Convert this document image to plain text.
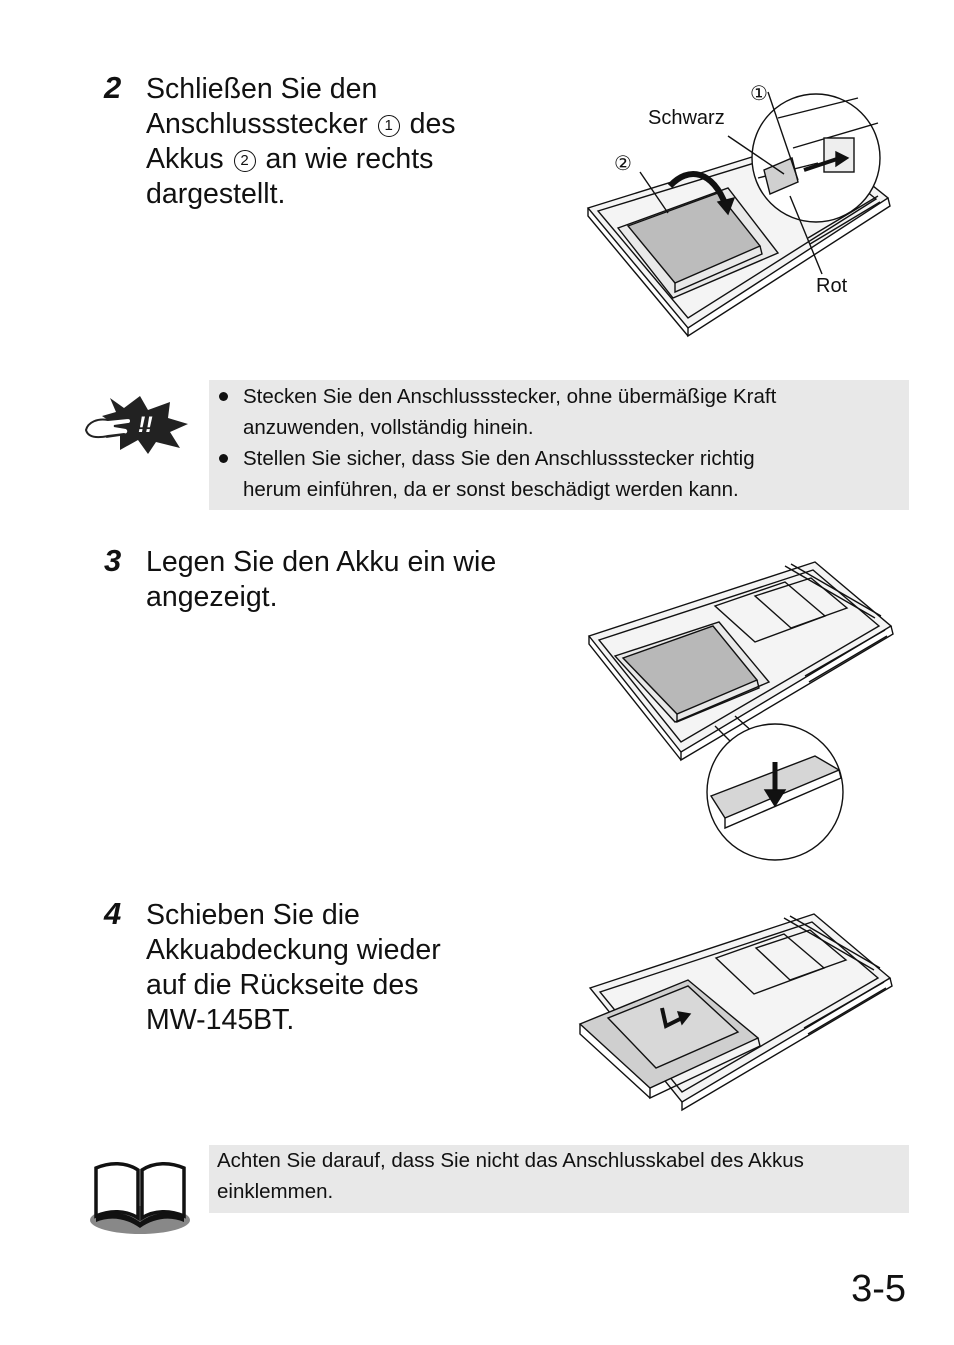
2 Schließen Sie den
Anschlussstecker 1 des
Akkus 2 an wie rechts
dargestellt.
Schwarz
Rot
①
②
!!
Stecken Sie den Anschlussstecker, ohne übermäßige Kraft
anzuwenden, vollständig hinein.
Stellen Sie sicher, dass Sie den Anschlussstecker richtig
herum einführen, da er sonst beschädigt werden kann.
3 Legen Sie den Akku ein wie
angezeigt.
4 Schieben Sie die
Akkuabdeckung wieder
auf die Rückseite des
MW-145BT.
Achten Sie darauf, dass Sie nicht das Anschlusskabel des Akkus
einklemmen.
3-5
